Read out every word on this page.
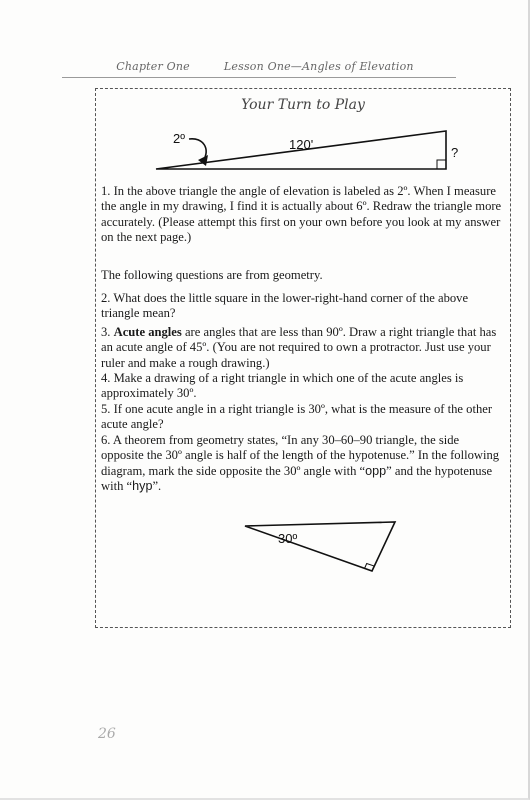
Chapter One	Lesson One—Angles of Elevation
Your Turn to Play
2º	120'
?

1. In the above triangle the angle of elevation is labeled as 2º. When I measure the angle in my drawing, I find it is actually about 6º. Redraw the triangle more accurately. (Please attempt this first on your own before you look at my answer on the next page.)

The following questions are from geometry.

2. What does the little square in the lower-right-hand corner of the above triangle mean?

3. Acute angles are angles that are less than 90º. Draw a right triangle that has an acute angle of 45º. (You are not required to own a protractor. Just use your ruler and make a rough drawing.)

4. Make a drawing of a right triangle in which one of the acute angles is approximately 30º.

5. If one acute angle in a right triangle is 30º, what is the measure of the other acute angle?

6. A theorem from geometry states, “In any 30–60–90 triangle, the side opposite the 30º angle is half of the length of the hypotenuse.” In the following diagram, mark the side opposite the 30º angle with “opp” and the hypotenuse with “hyp”.

30º
26
